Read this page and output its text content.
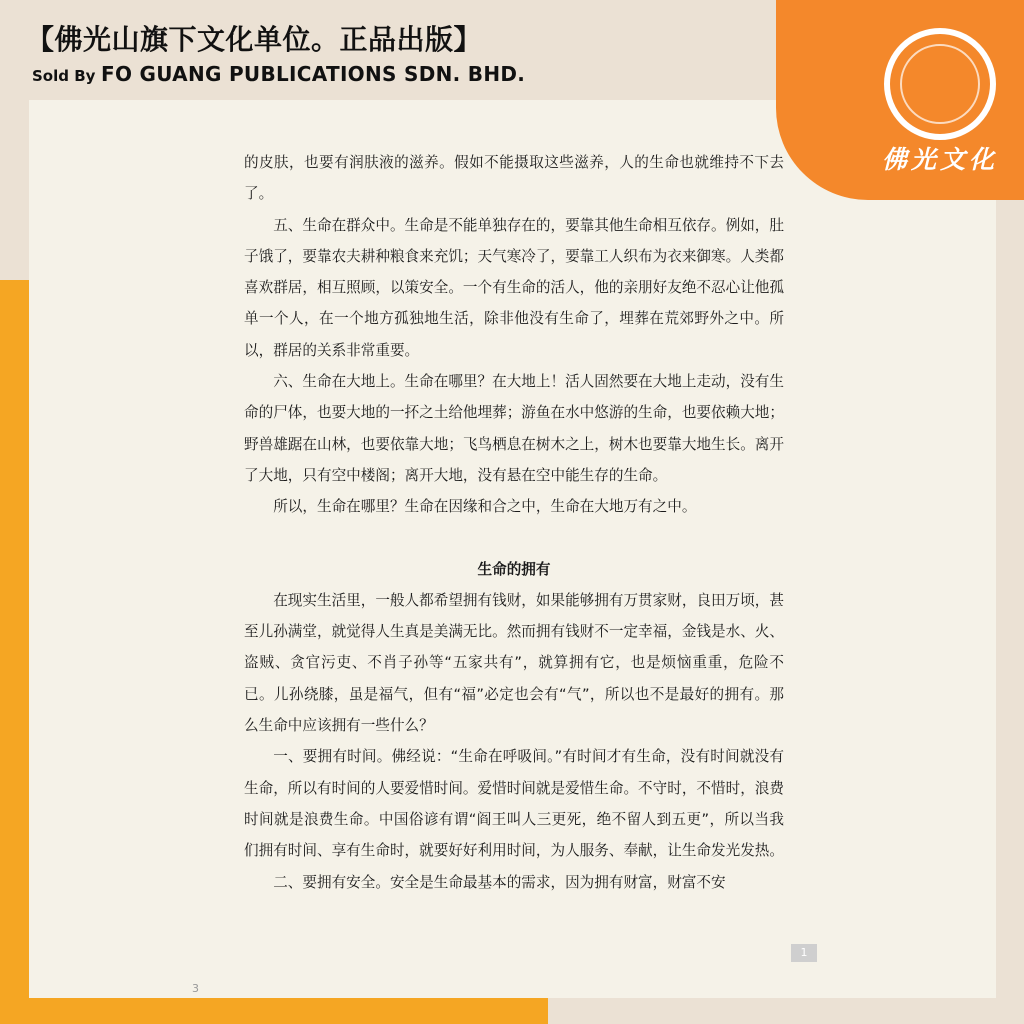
【佛光山旗下文化单位。正品出版】
Sold By FO GUANG PUBLICATIONS SDN. BHD.
佛光文化

的皮肤，也要有润肤液的滋养。假如不能摄取这些滋养，人的生命也就维持不下去了。

五、生命在群众中。生命是不能单独存在的，要靠其他生命相互依存。例如，肚子饿了，要靠农夫耕种粮食来充饥；天气寒冷了，要靠工人织布为衣来御寒。人类都喜欢群居，相互照顾，以策安全。一个有生命的活人，他的亲朋好友绝不忍心让他孤单一个人，在一个地方孤独地生活，除非他没有生命了，埋葬在荒郊野外之中。所以，群居的关系非常重要。

六、生命在大地上。生命在哪里？在大地上！活人固然要在大地上走动，没有生命的尸体，也要大地的一抔之土给他埋葬；游鱼在水中悠游的生命，也要依赖大地；野兽雄踞在山林，也要依靠大地；飞鸟栖息在树木之上，树木也要靠大地生长。离开了大地，只有空中楼阁；离开大地，没有悬在空中能生存的生命。

所以，生命在哪里？生命在因缘和合之中，生命在大地万有之中。

生命的拥有

在现实生活里，一般人都希望拥有钱财，如果能够拥有万贯家财，良田万顷，甚至儿孙满堂，就觉得人生真是美满无比。然而拥有钱财不一定幸福，金钱是水、火、盗贼、贪官污吏、不肖子孙等“五家共有”，就算拥有它，也是烦恼重重，危险不已。儿孙绕膝，虽是福气，但有“福”必定也会有“气”，所以也不是最好的拥有。那么生命中应该拥有一些什么？

一、要拥有时间。佛经说：“生命在呼吸间。”有时间才有生命，没有时间就没有生命，所以有时间的人要爱惜时间。爱惜时间就是爱惜生命。不守时，不惜时，浪费时间就是浪费生命。中国俗谚有谓“阎王叫人三更死，绝不留人到五更”，所以当我们拥有时间、享有生命时，就要好好利用时间，为人服务、奉献，让生命发光发热。

二、要拥有安全。安全是生命最基本的需求，因为拥有财富，财富不安

1
3
